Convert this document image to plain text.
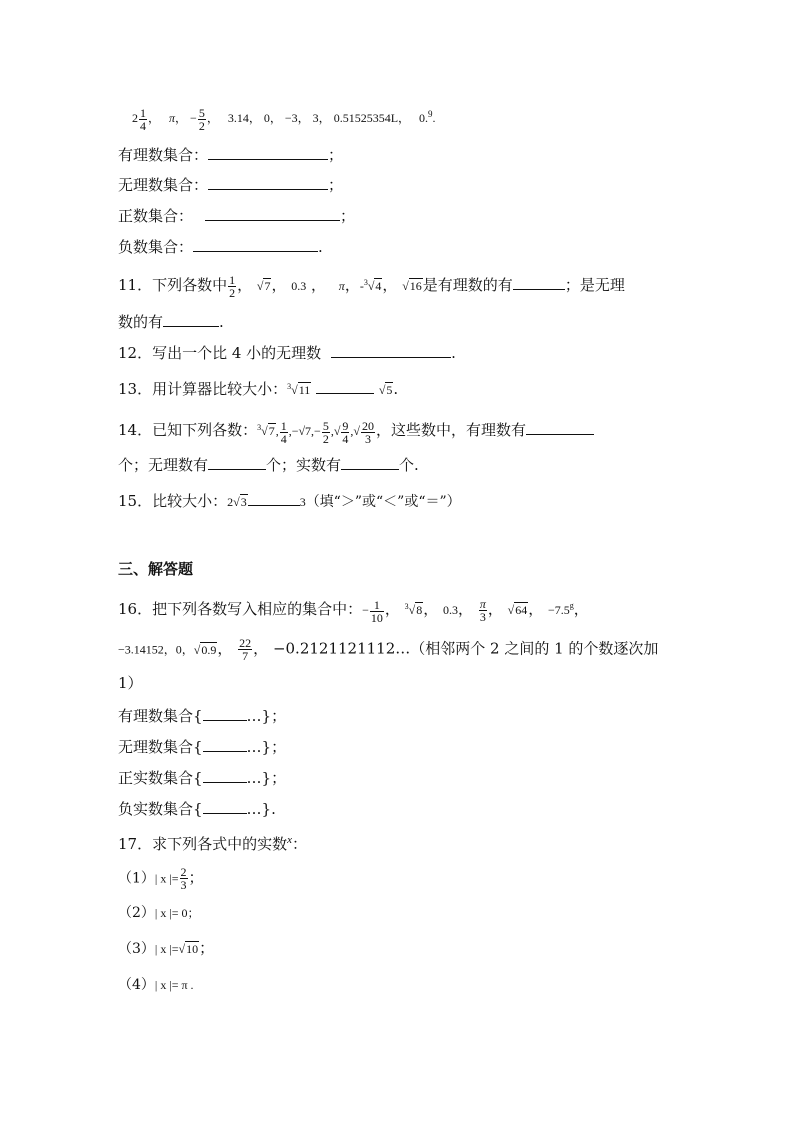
$2 \frac{1}{4}$ ， π， − $\frac{5}{2}$ ， 3.14， 0， −3， 3， 0.51525354L， 0.$^9$.
有理数集合：	；
无理数集合：	；
正数集合：	；
负数集合：	.
11．下列各数中 $\frac{1}{2}$ ， √7， 0.3 ， π，-$^3$√4， √16是有理数的有	；是无理
数的有	.
12．写出一个比 4 小的无理数	.
13．用计算器比较大小：$^3$√11	√5.
14．已知下列各数：$^3$√7, $\frac{1}{4} ,-√7,- \frac{5}{2}$ ,√ $\frac{9}{4}$ ,√ $\frac{20}{3}$ ，这些数中，有理数有
个；无理数有	个；实数有	个.
15．比较大小：2√3	3（填“＞”或“＜”或“＝”）
三、解答题
16．把下列各数写入相应的集合中：− $\frac{1}{10}$ ， $^3$√8， 0.3， $\frac{\pi}{3}$ ， √64， −7.5$^g$，
−3.14152，0，√0.9， $\frac{22}{7}$ ， −0.2121121112…（相邻两个 2 之间的 1 的个数逐次加
1）
有理数集合{	…}；
无理数集合{	…}；
正实数集合{	…}；
负实数集合{	…}.
17．求下列各式中的实数$^x$：
（1）| x |= $\frac{2}{3}$ ；
（2）| x |= 0；
（3）| x |=√10；
（4）| x |= π .
